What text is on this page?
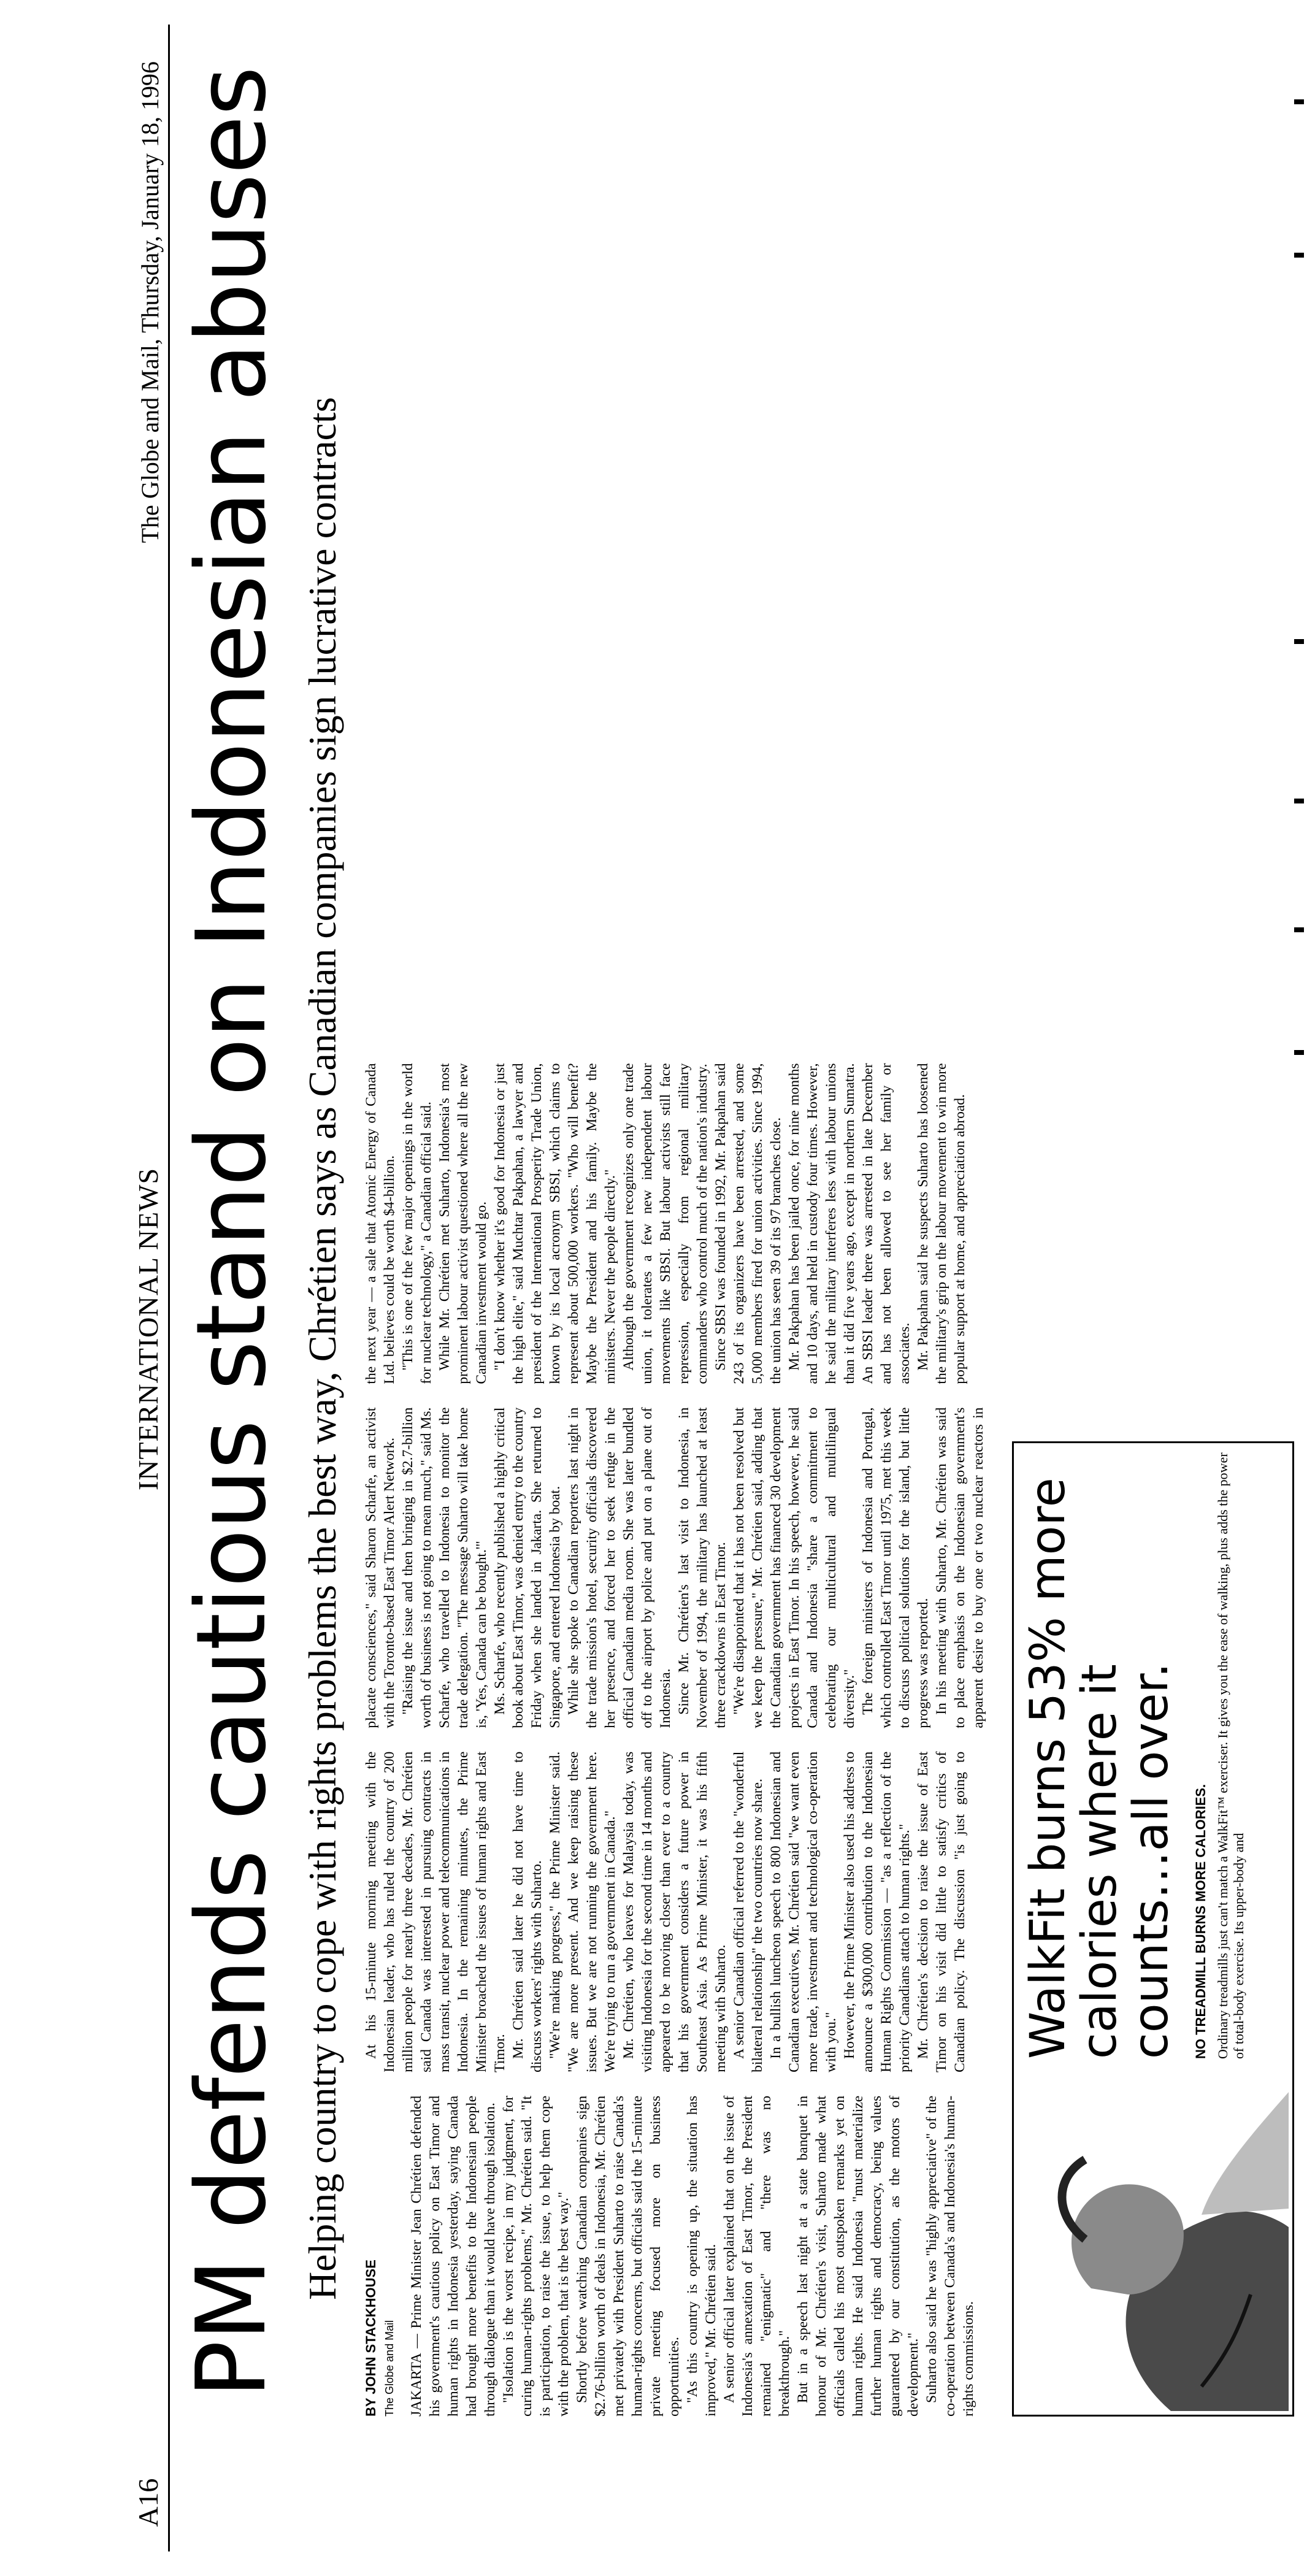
A16
INTERNATIONAL NEWS
The Globe and Mail, Thursday, January 18, 1996 PM defends cautious stand on Indonesian abuses Helping country to cope with rights problems the best way, Chrétien says as Canadian companies sign lucrative contracts
BY JOHN STACKHOUSE The Globe and Mail JAKARTA — Prime Minister Jean Chrétien defended his government's cautious policy on East Timor and human rights in Indonesia yesterday, saying Canada had brought more benefits to the Indonesian people through dialogue than it would have through isolation. "Isolation is the worst recipe, in my judgment, for curing human-rights problems," Mr. Chrétien said. "It is participation, to raise the issue, to help them cope with the problem, that is the best way." Shortly before watching Canadian companies sign $2.76-billion worth of deals in Indonesia, Mr. Chrétien met privately with President Suharto to raise Canada's human-rights concerns, but officials said the 15-minute private meeting focused more on business opportunities. "As this country is opening up, the situation has improved," Mr. Chrétien said. A senior official later explained that on the issue of Indonesia's annexation of East Timor, the President remained "enigmatic" and "there was no breakthrough." But in a speech last night at a state banquet in honour of Mr. Chrétien's visit, Suharto made what officials called his most outspoken remarks yet on human rights. He said Indonesia "must materialize further human rights and democracy, being values guaranteed by our constitution, as the motors of development." Suharto also said he was "highly appreciative" of the co-operation between Canada's and Indonesia's human-rights commissions.

At his 15-minute morning meeting with the Indonesian leader, who has ruled the country of 200 million people for nearly three decades, Mr. Chrétien said Canada was interested in pursuing contracts in mass transit, nuclear power and telecommunications in Indonesia. In the remaining minutes, the Prime Minister broached the issues of human rights and East Timor. Mr. Chrétien said later he did not have time to discuss workers' rights with Suharto. "We're making progress," the Prime Minister said. "We are more present. And we keep raising these issues. But we are not running the government here. We're trying to run a government in Canada." Mr. Chrétien, who leaves for Malaysia today, was visiting Indonesia for the second time in 14 months and appeared to be moving closer than ever to a country that his government considers a future power in Southeast Asia. As Prime Minister, it was his fifth meeting with Suharto. A senior Canadian official referred to the "wonderful bilateral relationship" the two countries now share. In a bullish luncheon speech to 800 Indonesian and Canadian executives, Mr. Chrétien said "we want even more trade, investment and technological co-operation with you." However, the Prime Minister also used his address to announce a $300,000 contribution to the Indonesian Human Rights Commission — "as a reflection of the priority Canadians attach to human rights." Mr. Chrétien's decision to raise the issue of East Timor on his visit did little to satisfy critics of Canadian policy. The discussion "is just going to placate consciences," said Sharon Scharfe, an activist with the Toronto-based East Timor Alert Network. "Raising the issue and then bringing in $2.7-billion worth of business is not going to mean much," said Ms. Scharfe, who travelled to Indonesia to monitor the trade delegation. "The message Suharto will take home is, 'Yes, Canada can be bought.'" Ms. Scharfe, who recently published a highly critical book about East Timor, was denied entry to the country Friday when she landed in Jakarta. She returned to Singapore, and entered Indonesia by boat. While she spoke to Canadian reporters last night in the trade mission's hotel, security officials discovered her presence, and forced her to seek refuge in the official Canadian media room. She was later bundled off to the airport by police and put on a plane out of Indonesia. Since Mr. Chrétien's last visit to Indonesia, in November of 1994, the military has launched at least three crackdowns in East Timor. "We're disappointed that it has not been resolved but we keep the pressure," Mr. Chrétien said, adding that the Canadian government has financed 30 development projects in East Timor. In his speech, however, he said Canada and Indonesia "share a commitment to celebrating our multicultural and multilingual diversity." The foreign ministers of Indonesia and Portugal, which controlled East Timor until 1975, met this week to discuss political solutions for the island, but little progress was reported. In his meeting with Suharto, Mr. Chrétien was said to place emphasis on the Indonesian government's apparent desire to buy one or two nuclear reactors in the next year — a sale that Atomic Energy of Canada Ltd. believes could be worth $4-billion. "This is one of the few major openings in the world for nuclear technology," a Canadian official said. While Mr. Chrétien met Suharto, Indonesia's most prominent labour activist questioned where all the new Canadian investment would go. "I don't know whether it's good for Indonesia or just the high elite," said Muchtar Pakpahan, a lawyer and president of the International Prosperity Trade Union, known by its local acronym SBSI, which claims to represent about 500,000 workers. "Who will benefit? Maybe the President and his family. Maybe the ministers. Never the people directly." Although the government recognizes only one trade union, it tolerates a few new independent labour movements like SBSI. But labour activists still face repression, especially from regional military commanders who control much of the nation's industry. Since SBSI was founded in 1992, Mr. Pakpahan said 243 of its organizers have been arrested, and some 5,000 members fired for union activities. Since 1994, the union has seen 39 of its 97 branches close. Mr. Pakpahan has been jailed once, for nine months and 10 days, and held in custody four times. However, he said the military interferes less with labour unions than it did five years ago, except in northern Sumatra. An SBSI leader there was arrested in late December and has not been allowed to see her family or associates. Mr. Pakpahan said he suspects Suharto has loosened the military's grip on the labour movement to win more popular support at home, and appreciation abroad.

WalkFit burns 53% more calories where it counts…all over. NO TREADMILL BURNS MORE CALORIES. Ordinary treadmills just can't match a WalkFit™ exerciser. It gives you the ease of walking, plus adds the power of total-body exercise. Its upper-body and
